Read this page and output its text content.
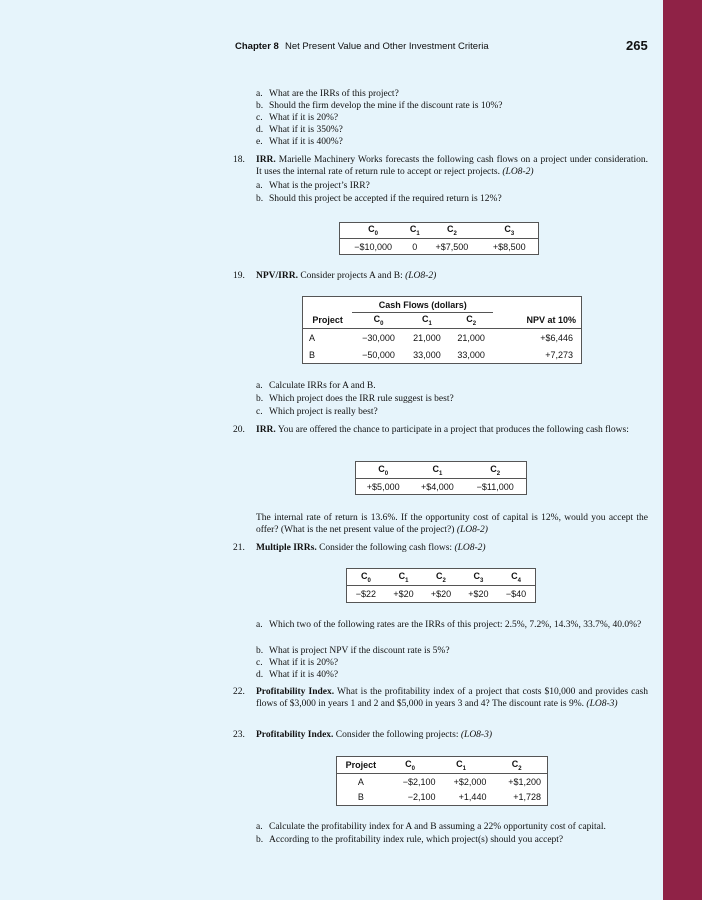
Chapter 8 Net Present Value and Other Investment Criteria	265
a. What are the IRRs of this project?
b. Should the firm develop the mine if the discount rate is 10%?
c. What if it is 20%?
d. What if it is 350%?
e. What if it is 400%?
18. IRR. Marielle Machinery Works forecasts the following cash flows on a project under consideration. It uses the internal rate of return rule to accept or reject projects. (LO8-2)
a. What is the project’s IRR?
b. Should this project be accepted if the required return is 12%?
$C_0$	$C_1$	$C_2$	$C_3$
−$10,000	0	+$7,500	+$8,500
19. NPV/IRR. Consider projects A and B: (LO8-2)
	Cash Flows (dollars)			
Project	$C_0$	$C_1$	$C_2$	NPV at 10%
A	−30,000	21,000	21,000	+$6,446
B	−50,000	33,000	33,000	+7,273
a. Calculate IRRs for A and B.
b. Which project does the IRR rule suggest is best?
c. Which project is really best?
20. IRR. You are offered the chance to participate in a project that produces the following cash flows:
$C_0$	$C_1$	$C_2$
+$5,000	+$4,000	−$11,000
The internal rate of return is 13.6%. If the opportunity cost of capital is 12%, would you accept the offer? (What is the net present value of the project?) (LO8-2)
21. Multiple IRRs. Consider the following cash flows: (LO8-2)
$C_0$	$C_1$	$C_2$	$C_3$	$C_4$
−$22	+$20	+$20	+$20	−$40
a. Which two of the following rates are the IRRs of this project: 2.5%, 7.2%, 14.3%, 33.7%, 40.0%?
b. What is project NPV if the discount rate is 5%?
c. What if it is 20%?
d. What if it is 40%?
22. Profitability Index. What is the profitability index of a project that costs $10,000 and provides cash flows of $3,000 in years 1 and 2 and $5,000 in years 3 and 4? The discount rate is 9%. (LO8-3)
23. Profitability Index. Consider the following projects: (LO8-3)
Project	$C_0$	$C_1$	$C_2$
A	−$2,100	+$2,000	+$1,200
B	−2,100	+1,440	+1,728
a. Calculate the profitability index for A and B assuming a 22% opportunity cost of capital.
b. According to the profitability index rule, which project(s) should you accept?
